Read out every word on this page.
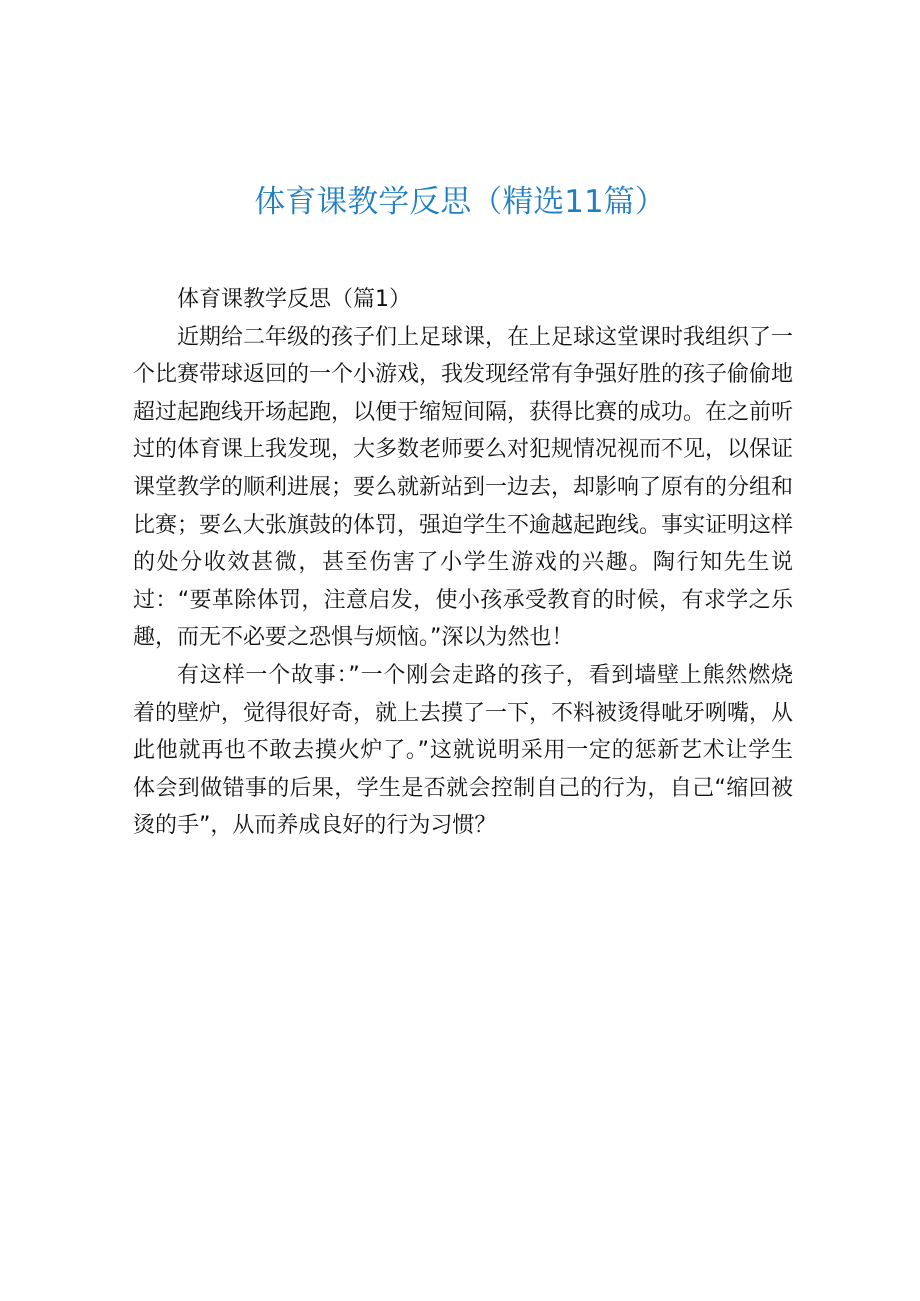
体育课教学反思（精选11篇）

体育课教学反思（篇1）

近期给二年级的孩子们上足球课，在上足球这堂课时我组织了一个比赛带球返回的一个小游戏，我发现经常有争强好胜的孩子偷偷地超过起跑线开场起跑，以便于缩短间隔，获得比赛的成功。在之前听过的体育课上我发现，大多数老师要么对犯规情况视而不见，以保证课堂教学的顺利进展；要么就新站到一边去，却影响了原有的分组和比赛；要么大张旗鼓的体罚，强迫学生不逾越起跑线。事实证明这样的处分收效甚微，甚至伤害了小学生游戏的兴趣。陶行知先生说过：“要革除体罚，注意启发，使小孩承受教育的时候，有求学之乐趣，而无不必要之恐惧与烦恼。”深以为然也！

有这样一个故事：”一个刚会走路的孩子，看到墙壁上熊然燃烧着的壁炉，觉得很好奇，就上去摸了一下，不料被烫得呲牙咧嘴，从此他就再也不敢去摸火炉了。”这就说明采用一定的惩新艺术让学生体会到做错事的后果，学生是否就会控制自己的行为，自己“缩回被烫的手”，从而养成良好的行为习惯？
